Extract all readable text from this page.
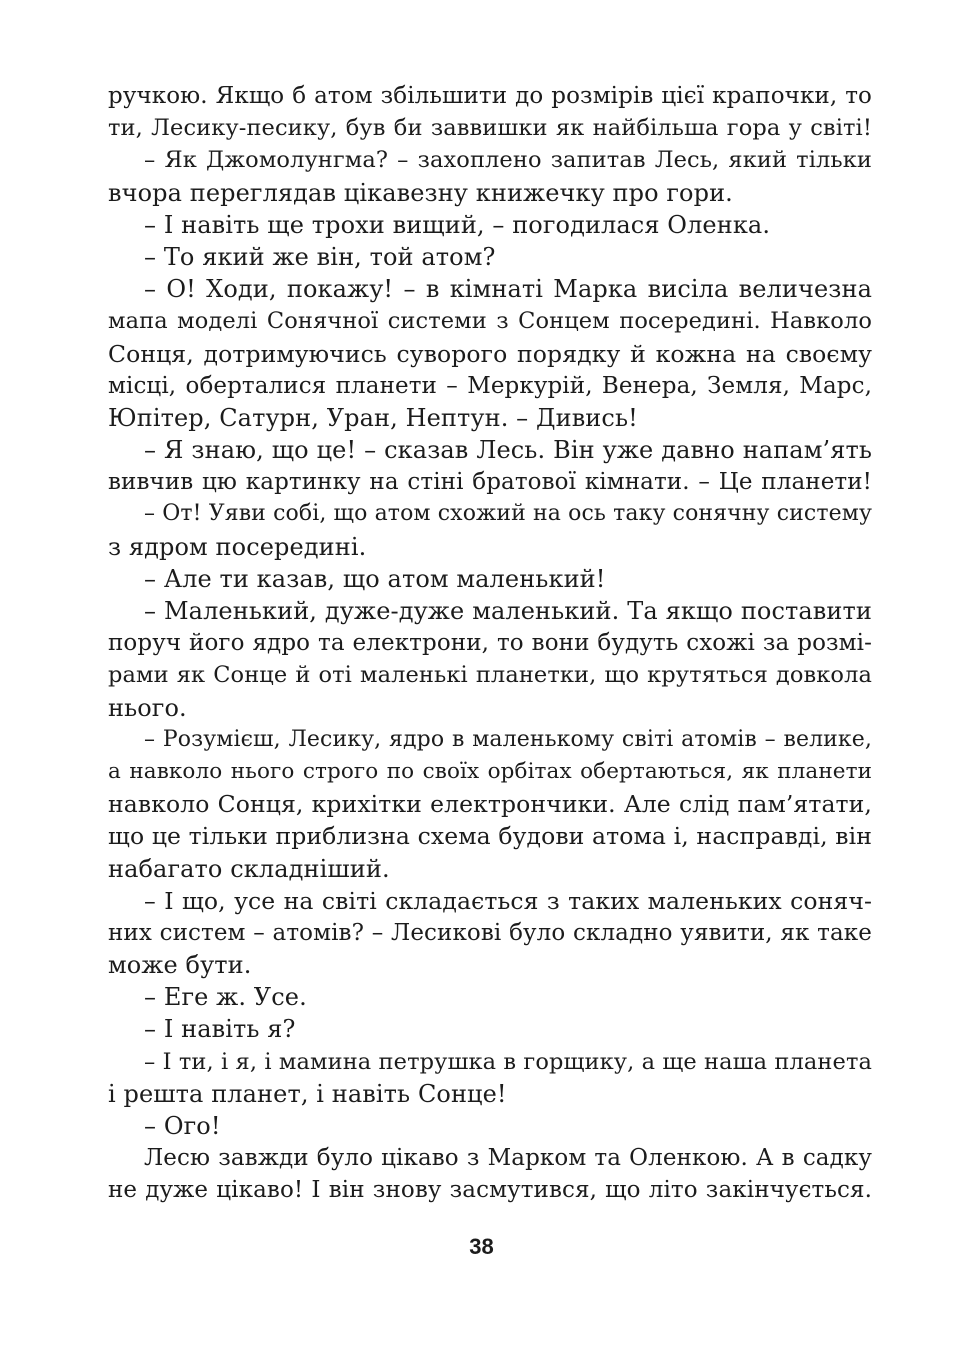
ручкою. Якщо б атом збільшити до розмірів цієї крапочки, то
ти, Лесику-песику, був би заввишки як найбільша гора у світі!
– Як Джомолунгма? – захоплено запитав Лесь, який тільки
вчора переглядав цікавезну книжечку про гори.
– І навіть ще трохи вищий, – погодилася Оленка.
– То який же він, той атом?
– О! Ходи, покажу! – в кімнаті Марка висіла величезна
мапа моделі Сонячної системи з Сонцем посередині. Навколо
Сонця, дотримуючись суворого порядку й кожна на своєму
місці, оберталися планети – Меркурій, Венера, Земля, Марс,
Юпітер, Сатурн, Уран, Нептун. – Дивись!
– Я знаю, що це! – сказав Лесь. Він уже давно напам’ять
вивчив цю картинку на стіні братової кімнати. – Це планети!
– От! Уяви собі, що атом схожий на ось таку сонячну систему
з ядром посередині.
– Але ти казав, що атом маленький!
– Маленький, дуже-дуже маленький. Та якщо поставити
поруч його ядро та електрони, то вони будуть схожі за розмі-
рами як Сонце й оті маленькі планетки, що крутяться довкола
нього.
– Розумієш, Лесику, ядро в маленькому світі атомів – велике,
а навколо нього строго по своїх орбітах обертаються, як планети
навколо Сонця, крихітки електрончики. Але слід пам’ятати,
що це тільки приблизна схема будови атома і, насправді, він
набагато складніший.
– І що, усе на світі складається з таких маленьких соняч-
них систем – атомів? – Лесикові було складно уявити, як таке
може бути.
– Еге ж. Усе.
– І навіть я?
– І ти, і я, і мамина петрушка в горщику, а ще наша планета
і решта планет, і навіть Сонце!
– Ого!
Лесю завжди було цікаво з Марком та Оленкою. А в садку
не дуже цікаво! І він знову засмутився, що літо закінчується.
38
